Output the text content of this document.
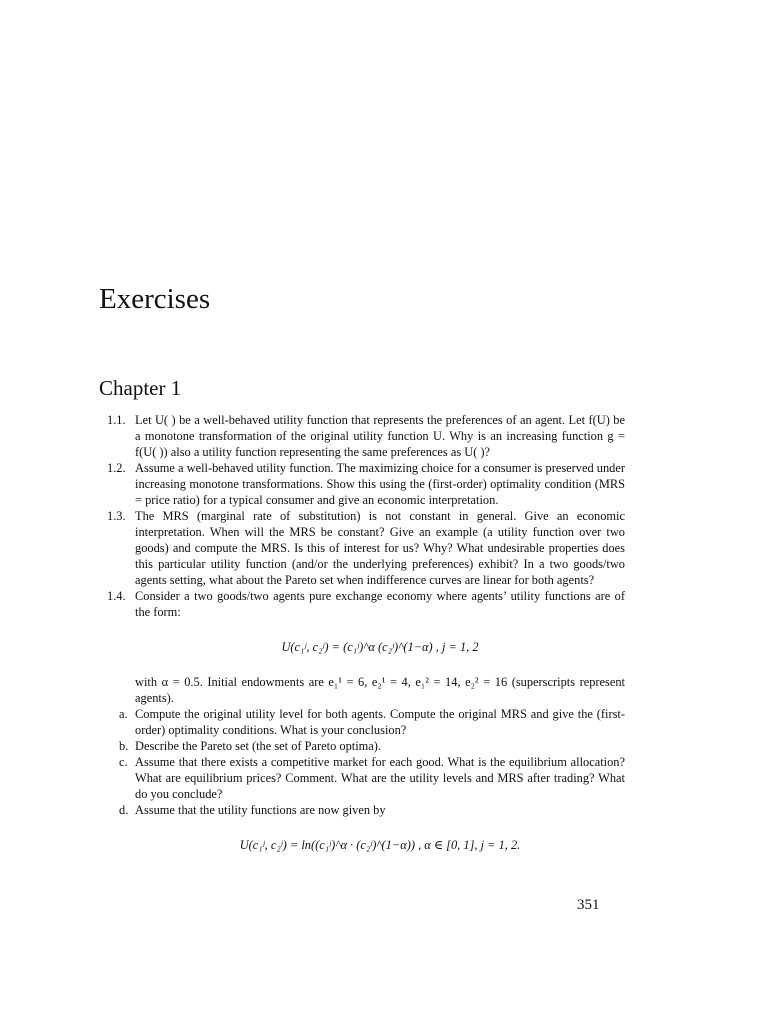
Exercises
Chapter 1
1.1. Let U( ) be a well-behaved utility function that represents the preferences of an agent. Let f(U) be a monotone transformation of the original utility function U. Why is an increasing function g = f(U( )) also a utility function representing the same preferences as U( )?
1.2. Assume a well-behaved utility function. The maximizing choice for a consumer is preserved under increasing monotone transformations. Show this using the (first-order) optimality condition (MRS = price ratio) for a typical consumer and give an economic interpretation.
1.3. The MRS (marginal rate of substitution) is not constant in general. Give an economic interpretation. When will the MRS be constant? Give an example (a utility function over two goods) and compute the MRS. Is this of interest for us? Why? What undesirable properties does this particular utility function (and/or the underlying preferences) exhibit? In a two goods/two agents setting, what about the Pareto set when indifference curves are linear for both agents?
1.4. Consider a two goods/two agents pure exchange economy where agents’ utility functions are of the form:
U(c₁ʲ, c₂ʲ) = (c₁ʲ)^α (c₂ʲ)^(1−α) , j = 1, 2
with α = 0.5. Initial endowments are e₁¹ = 6, e₂¹ = 4, e₁² = 14, e₂² = 16 (superscripts represent agents).
a. Compute the original utility level for both agents. Compute the original MRS and give the (first-order) optimality conditions. What is your conclusion?
b. Describe the Pareto set (the set of Pareto optima).
c. Assume that there exists a competitive market for each good. What is the equilibrium allocation? What are equilibrium prices? Comment. What are the utility levels and MRS after trading? What do you conclude?
d. Assume that the utility functions are now given by
U(c₁ʲ, c₂ʲ) = ln((c₁ʲ)^α · (c₂ʲ)^(1−α)) , α ∈ [0, 1], j = 1, 2.
351
